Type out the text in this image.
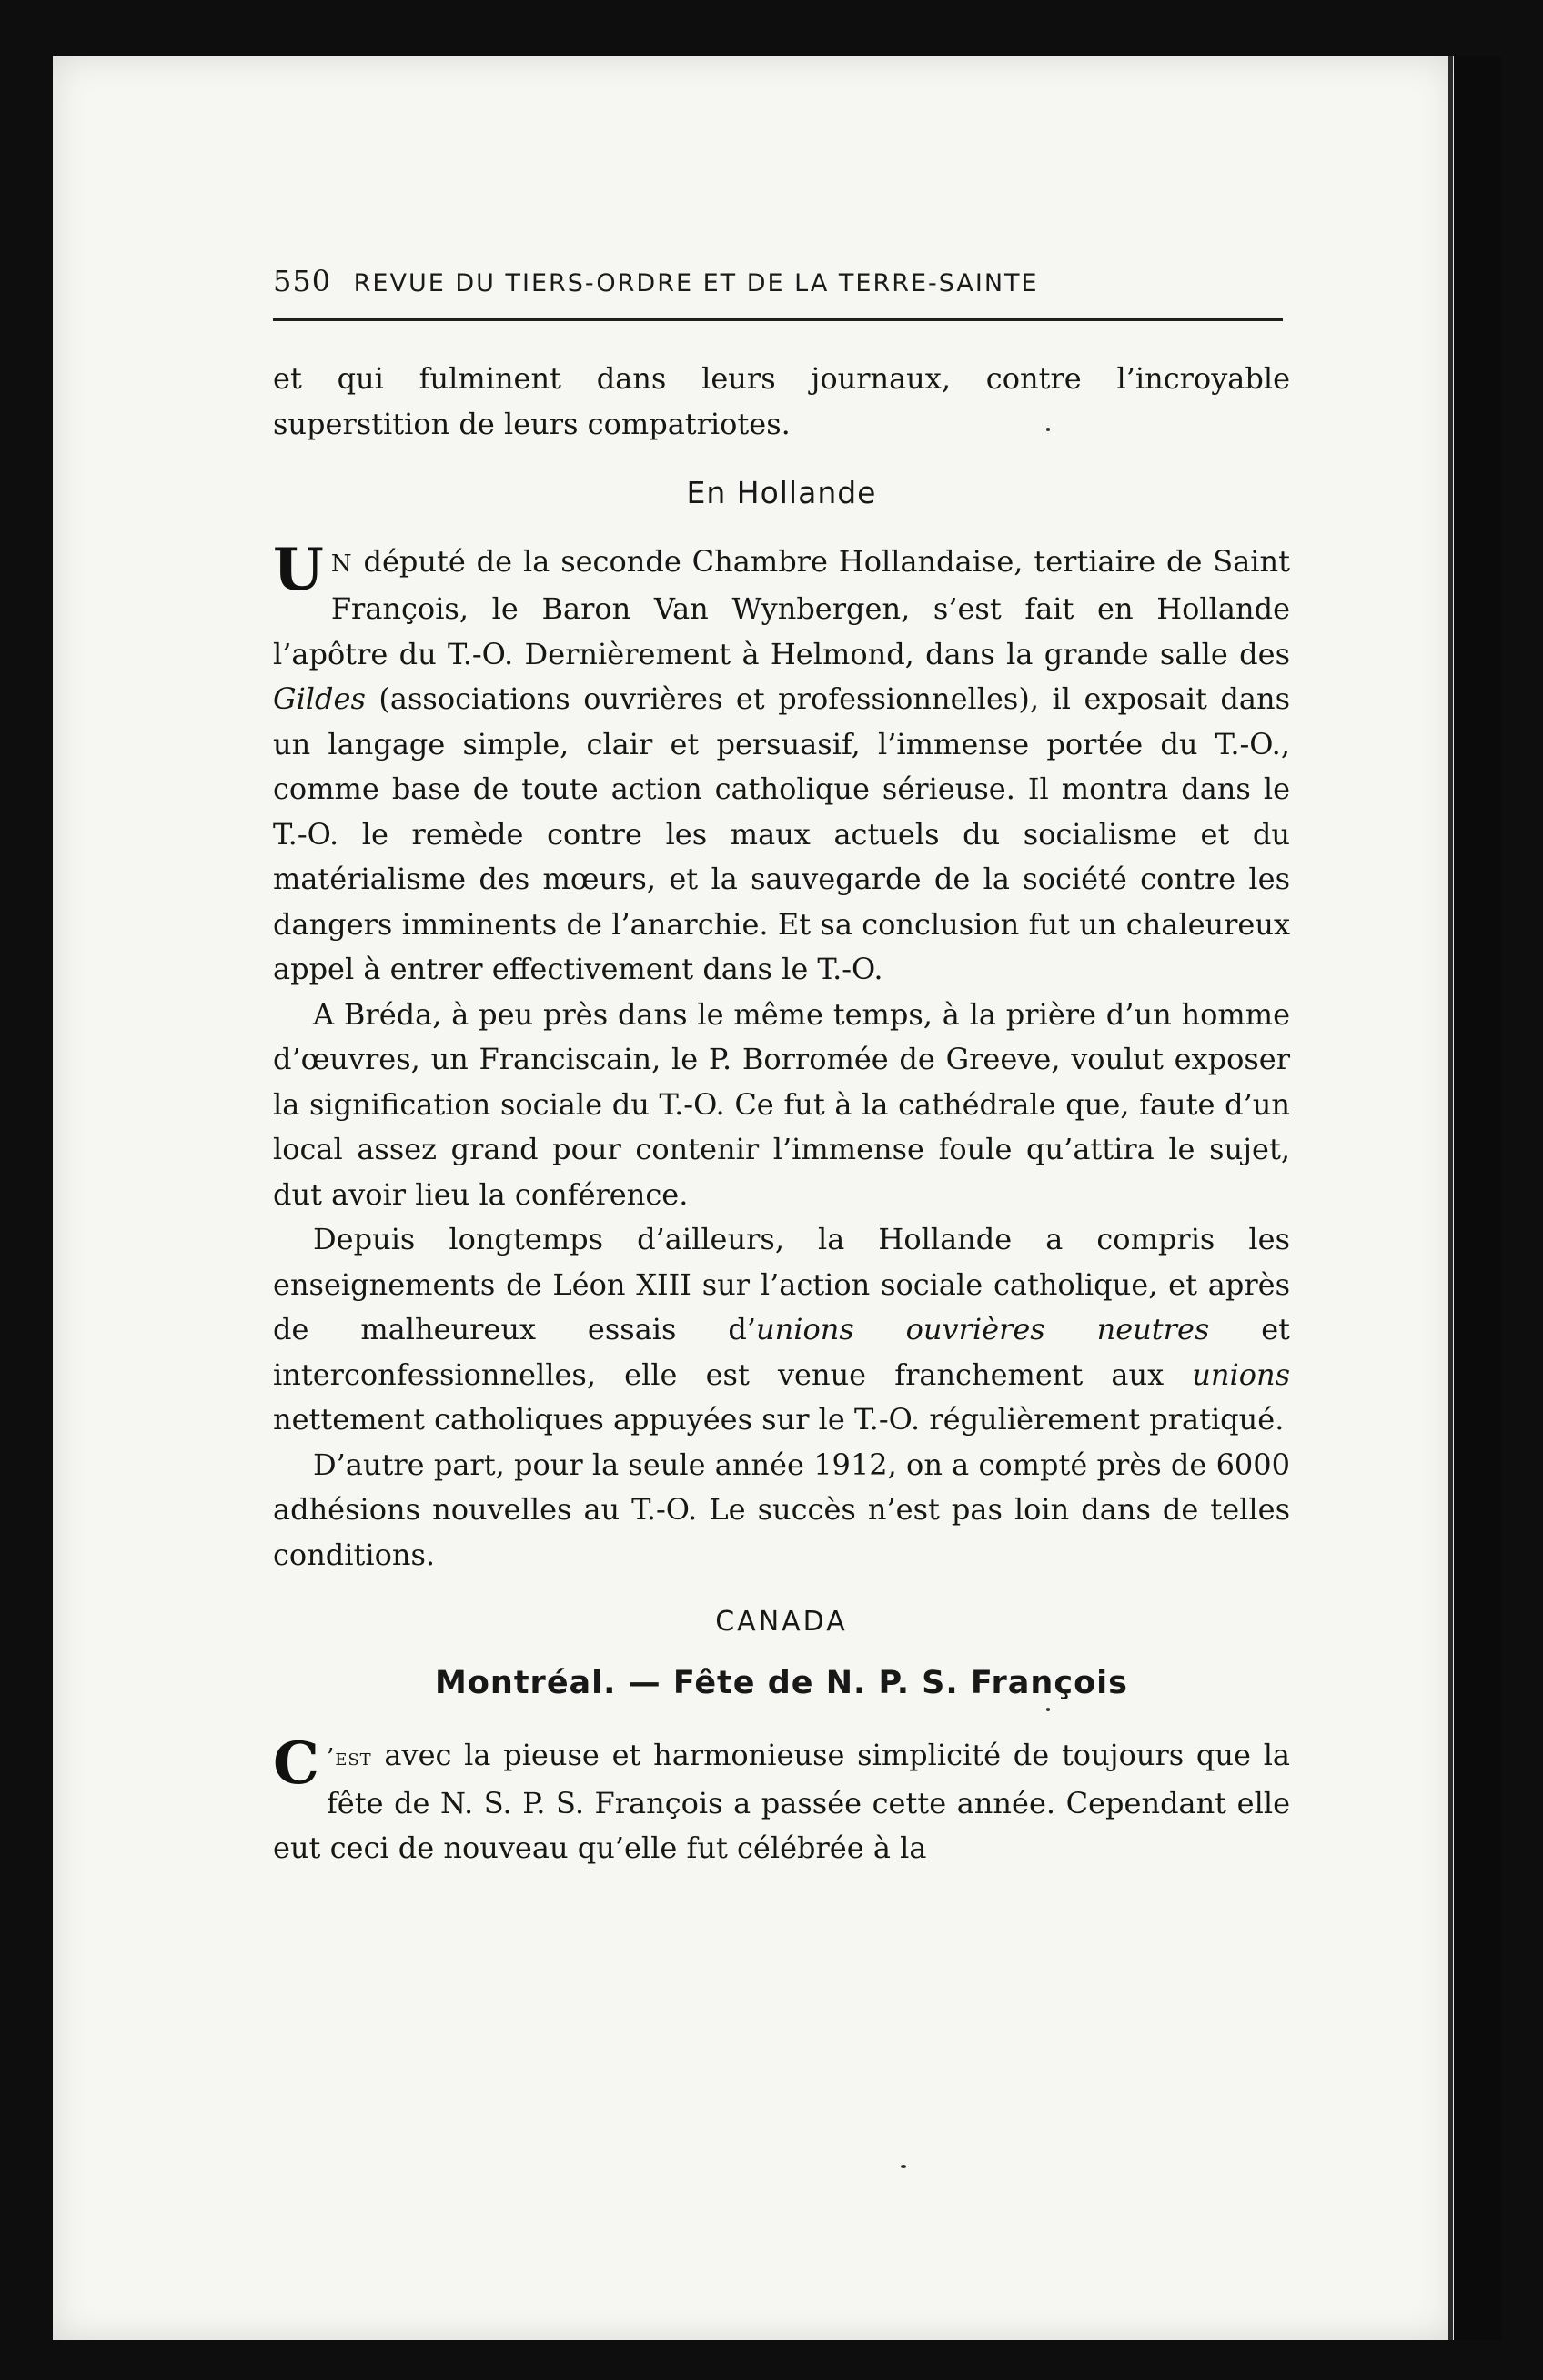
550 REVUE DU TIERS-ORDRE ET DE LA TERRE-SAINTE

et qui fulminent dans leurs journaux, contre l’incroyable superstition de leurs compatriotes.

En Hollande

U N député de la seconde Chambre Hollandaise, tertiaire de Saint François, le Baron Van Wynbergen, s’est fait en Hollande l’apôtre du T.-O. Dernièrement à Helmond, dans la grande salle des Gildes (associations ouvrières et professionnelles), il exposait dans un langage simple, clair et persuasif, l’immense portée du T.-O., comme base de toute action catholique sérieuse. Il montra dans le T.-O. le remède contre les maux actuels du socialisme et du matérialisme des mœurs, et la sauvegarde de la société contre les dangers imminents de l’anarchie. Et sa conclusion fut un chaleureux appel à entrer effectivement dans le T.-O.

A Bréda, à peu près dans le même temps, à la prière d’un homme d’œuvres, un Franciscain, le P. Borromée de Greeve, voulut exposer la signification sociale du T.-O. Ce fut à la cathédrale que, faute d’un local assez grand pour contenir l’immense foule qu’attira le sujet, dut avoir lieu la conférence.

Depuis longtemps d’ailleurs, la Hollande a compris les enseignements de Léon XIII sur l’action sociale catholique, et après de malheureux essais d’unions ouvrières neutres et interconfessionnelles, elle est venue franchement aux unions nettement catholiques appuyées sur le T.-O. régulièrement pratiqué.

D’autre part, pour la seule année 1912, on a compté près de 6000 adhésions nouvelles au T.-O. Le succès n’est pas loin dans de telles conditions.

CANADA
Montréal. — Fête de N. P. S. François

C ’est avec la pieuse et harmonieuse simplicité de toujours que la fête de N. S. P. S. François a passée cette année. Cependant elle eut ceci de nouveau qu’elle fut célébrée à la
